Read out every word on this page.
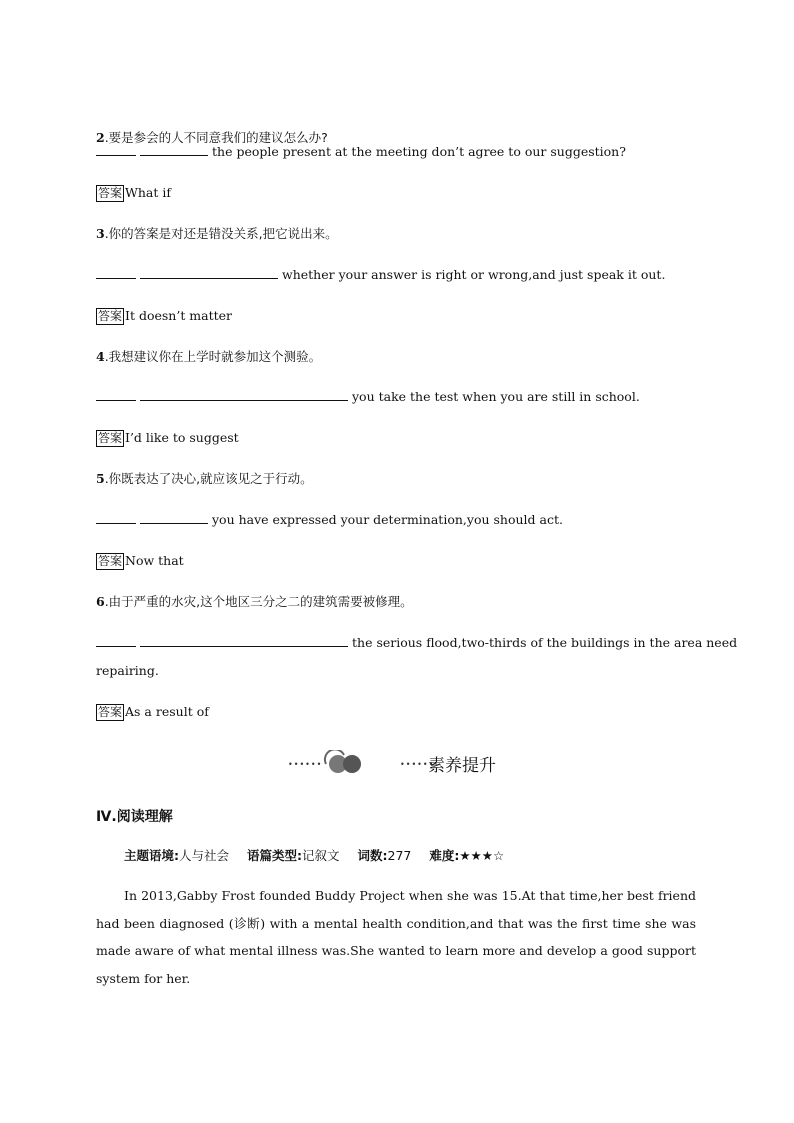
2.要是参会的人不同意我们的建议怎么办?
the people present at the meeting don’t agree to our suggestion?
答案 What if
3.你的答案是对还是错没关系,把它说出来。
whether your answer is right or wrong,and just speak it out.
答案 It doesn’t matter
4.我想建议你在上学时就参加这个测验。
you take the test when you are still in school.
答案 I’d like to suggest
5.你既表达了决心,就应该见之于行动。
you have expressed your determination,you should act.
答案 Now that
6.由于严重的水灾,这个地区三分之二的建筑需要被修理。
the serious flood,two-thirds of the buildings in the area need
repairing.
答案 As a result of
••••••	••••••
素养提升
Ⅳ.阅读理解
主题语境:人与社会 语篇类型:记叙文 词数:277 难度:★★★☆
In 2013,Gabby Frost founded Buddy Project when she was 15.At that time,her best friend had been diagnosed (诊断) with a mental health condition,and that was the first time she was made aware of what mental illness was.She wanted to learn more and develop a good support system for her.
